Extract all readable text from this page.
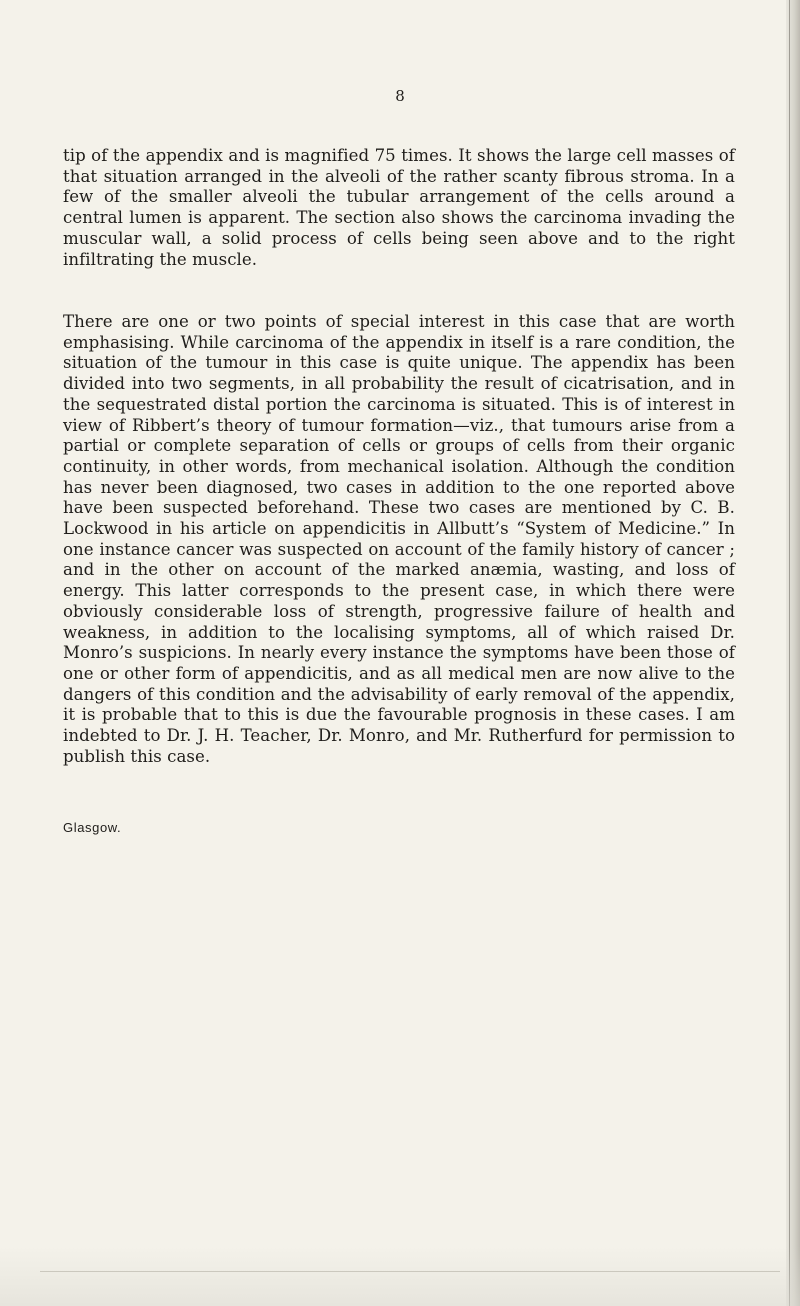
8

tip of the appendix and is magnified 75 times. It shows the large cell masses of that situation arranged in the alveoli of the rather scanty fibrous stroma. In a few of the smaller alveoli the tubular arrangement of the cells around a central lumen is apparent. The section also shows the carcinoma invading the muscular wall, a solid process of cells being seen above and to the right infiltrating the muscle.

There are one or two points of special interest in this case that are worth emphasising. While carcinoma of the appendix in itself is a rare condition, the situation of the tumour in this case is quite unique. The appendix has been divided into two segments, in all probability the result of cicatrisation, and in the sequestrated distal portion the carcinoma is situated. This is of interest in view of Ribbert’s theory of tumour formation—viz., that tumours arise from a partial or complete separation of cells or groups of cells from their organic continuity, in other words, from mechanical isolation. Although the condition has never been diagnosed, two cases in addition to the one reported above have been suspected beforehand. These two cases are mentioned by C. B. Lockwood in his article on appendicitis in Allbutt’s “System of Medicine.” In one instance cancer was suspected on account of the family history of cancer ; and in the other on account of the marked anæmia, wasting, and loss of energy. This latter corresponds to the present case, in which there were obviously considerable loss of strength, progressive failure of health and weakness, in addition to the localising symptoms, all of which raised Dr. Monro’s suspicions. In nearly every instance the symptoms have been those of one or other form of appendicitis, and as all medical men are now alive to the dangers of this condition and the advisability of early removal of the appendix, it is probable that to this is due the favourable prognosis in these cases. I am indebted to Dr. J. H. Teacher, Dr. Monro, and Mr. Rutherfurd for permission to publish this case.

Glasgow.
